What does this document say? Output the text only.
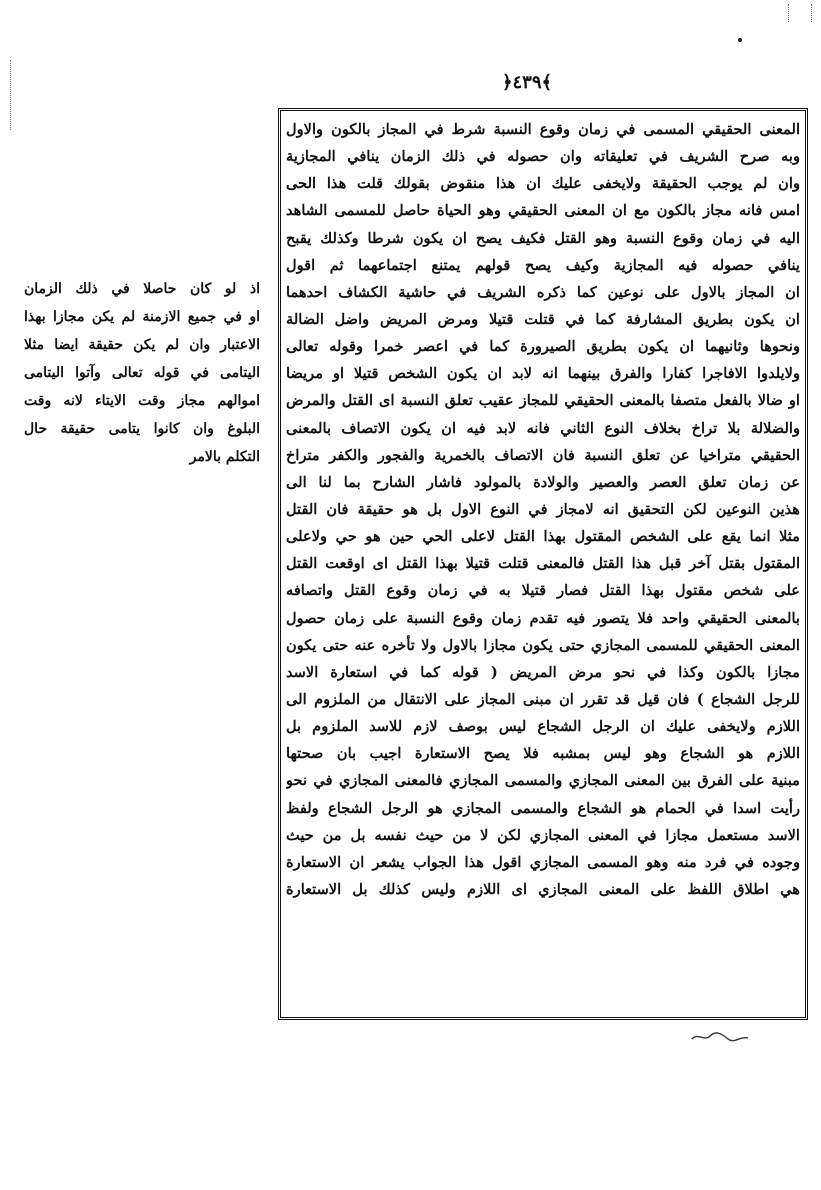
﴿٤٣٩﴾
المعنى الحقيقي المسمى في زمان وقوع النسبة شرط في المجاز بالكون والاول
وبه صرح الشريف في تعليقاته وان حصوله في ذلك الزمان ينافي المجازية
وان لم يوجب الحقيقة ولايخفى عليك ان هذا منقوض بقولك قلت هذا الحى
امس فانه مجاز بالكون مع ان المعنى الحقيقي وهو الحياة حاصل للمسمى الشاهد
اليه في زمان وقوع النسبة وهو القتل فكيف يصح ان يكون شرطا وكذلك يقبح
ينافي حصوله فيه المجازية وكيف يصح قولهم يمتنع اجتماعهما ثم اقول
ان المجاز بالاول على نوعين كما ذكره الشريف في حاشية الكشاف احدهما
ان يكون بطريق المشارفة كما في قتلت قتيلا ومرض المريض واضل الضالة
ونحوها وثانيهما ان يكون بطريق الصيرورة كما في اعصر خمرا وقوله تعالى
ولايلدوا الافاجرا كفارا والفرق بينهما انه لابد ان يكون الشخص قتيلا او مريضا
او ضالا بالفعل متصفا بالمعنى الحقيقي للمجاز عقيب تعلق النسبة اى القتل والمرض
والضلالة بلا تراخ بخلاف النوع الثاني فانه لابد فيه ان يكون الاتصاف بالمعنى
الحقيقي متراخيا عن تعلق النسبة فان الاتصاف بالخمرية والفجور والكفر متراخ
عن زمان تعلق العصر والعصير والولادة بالمولود فاشار الشارح بما لنا الى
هذين النوعين لكن التحقيق انه لامجاز في النوع الاول بل هو حقيقة فان القتل
مثلا انما يقع على الشخص المقتول بهذا القتل لاعلى الحي حين هو حي ولاعلى
المقتول بقتل آخر قبل هذا القتل فالمعنى قتلت قتيلا بهذا القتل اى اوقعت القتل
على شخص مقتول بهذا القتل فصار قتيلا به في زمان وقوع القتل واتصافه
بالمعنى الحقيقي واحد فلا يتصور فيه تقدم زمان وقوع النسبة على زمان حصول
المعنى الحقيقي للمسمى المجازي حتى يكون مجازا بالاول ولا تأخره عنه حتى يكون
مجازا بالكون وكذا في نحو مرض المريض ( قوله كما في استعارة الاسد
للرجل الشجاع ) فان قيل قد تقرر ان مبنى المجاز على الانتقال من الملزوم الى
اللازم ولايخفى عليك ان الرجل الشجاع ليس بوصف لازم للاسد الملزوم بل
اللازم هو الشجاع وهو ليس بمشبه فلا يصح الاستعارة اجيب بان صحتها
مبنية على الفرق بين المعنى المجازي والمسمى المجازي فالمعنى المجازي في نحو
رأيت اسدا في الحمام هو الشجاع والمسمى المجازي هو الرجل الشجاع ولفظ
الاسد مستعمل مجازا في المعنى المجازي لكن لا من حيث نفسه بل من حيث
وجوده في فرد منه وهو المسمى المجازي اقول هذا الجواب يشعر ان الاستعارة
هي اطلاق اللفظ على المعنى المجازي اى اللازم وليس كذلك بل الاستعارة
اذ لو كان حاصلا في ذلك الزمان
او في جميع الازمنة لم يكن مجازا بهذا
الاعتبار وان لم يكن حقيقة ايضا مثلا
اليتامى في قوله تعالى وآتوا اليتامى
اموالهم مجاز وقت الايتاء لانه وقت
البلوغ وان كانوا يتامى حقيقة حال
التكلم بالامر
